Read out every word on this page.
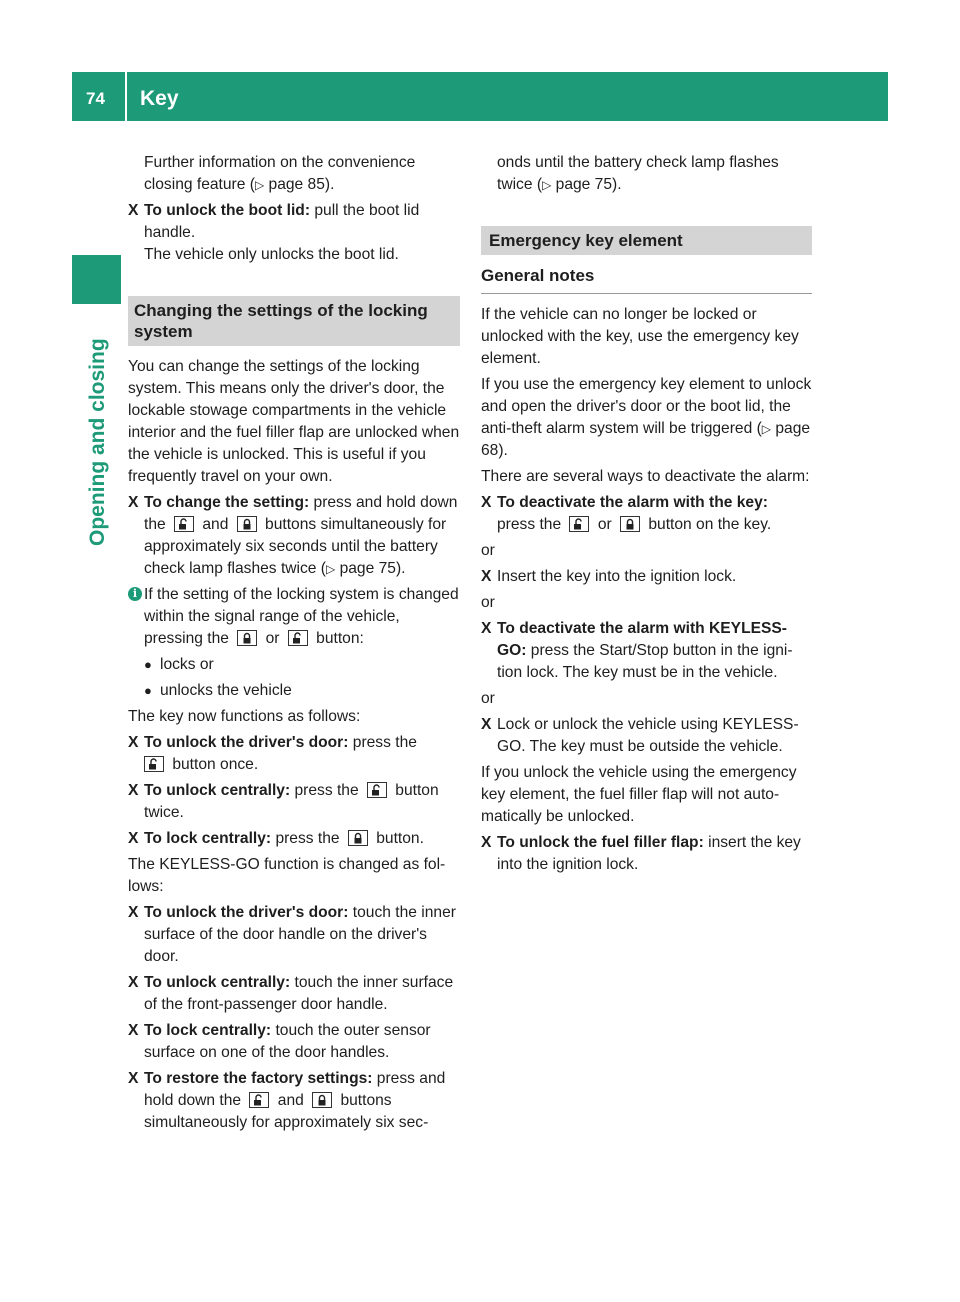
74 Key
Opening and closing

Further information on the convenience closing feature (▷ page 85).

X To unlock the boot lid: pull the boot lid handle.
The vehicle only unlocks the boot lid.
Changing the settings of the locking system

You can change the settings of the locking system. This means only the driver's door, the lockable stowage compartments in the vehicle interior and the fuel filler flap are unlocked when the vehicle is unlocked. This is useful if you frequently travel on your own.

X To change the setting: press and hold down the
and
buttons simultaneously for approximately six seconds until the battery check lamp flashes twice (▷ page 75).
i If the setting of the locking system is changed within the signal range of the vehicle, pressing the
or
button:
● locks or
● unlocks the vehicle

The key now functions as follows:

X To unlock the driver's door: press the

button once.
X To unlock centrally: press the
button twice.
X To lock centrally: press the
button.

The KEYLESS-GO function is changed as follows:

X To unlock the driver's door: touch the inner surface of the door handle on the driver's door.
X To unlock centrally: touch the inner surface of the front-passenger door handle.
X To lock centrally: touch the outer sensor surface on one of the door handles.
X To restore the factory settings: press and hold down the
and
buttons simultaneously for approximately six sec-

onds until the battery check lamp flashes twice (▷ page 75).

Emergency key element
General notes

If the vehicle can no longer be locked or unlocked with the key, use the emergency key element.

If you use the emergency key element to unlock and open the driver's door or the boot lid, the anti-theft alarm system will be triggered (▷ page 68).

There are several ways to deactivate the alarm:

X To deactivate the alarm with the key:
press the
or
button on the key.

or

X Insert the key into the ignition lock.

or

X To deactivate the alarm with KEYLESS-GO: press the Start/Stop button in the ignition lock. The key must be in the vehicle.

or

X Lock or unlock the vehicle using KEYLESS-GO. The key must be outside the vehicle.

If you unlock the vehicle using the emergency key element, the fuel filler flap will not automatically be unlocked.

X To unlock the fuel filler flap: insert the key into the ignition lock.
